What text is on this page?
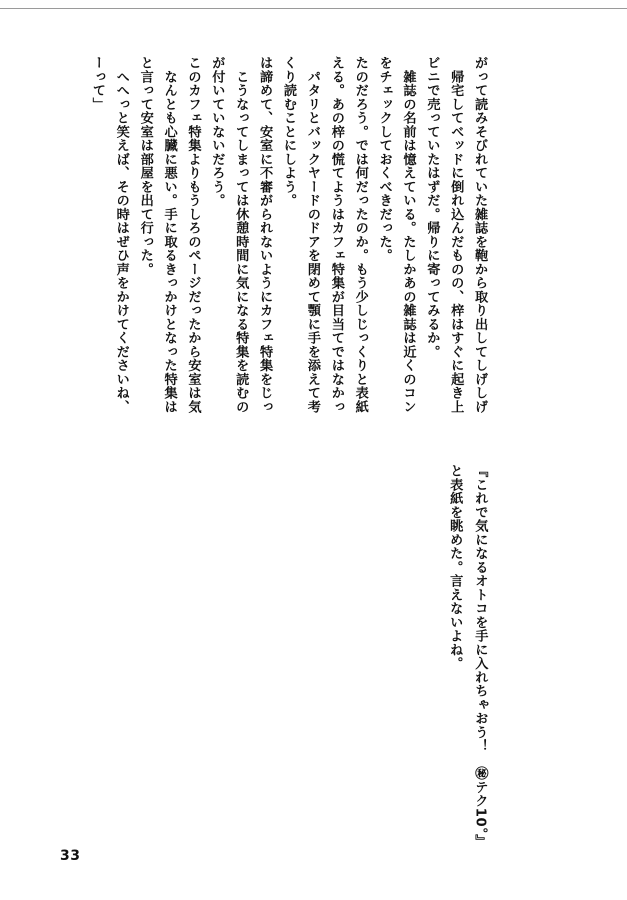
がって読みそびれていた雑誌を鞄から取り出してしげしげ
　帰宅してベッドに倒れ込んだものの、梓はすぐに起き上
ビニで売っていたはずだ。帰りに寄ってみるか。
　雑誌の名前は憶えている。たしかあの雑誌は近くのコン
をチェックしておくべきだった。
たのだろう。では何だったのか。もう少しじっくりと表紙
える。あの梓の慌てようはカフェ特集が目当てではなかっ
　パタリとバックヤードのドアを閉めて顎に手を添えて考
くり読むことにしよう。
は諦めて、安室に不審がられないようにカフェ特集をじっ
　こうなってしまっては休憩時間に気になる特集を読むの
が付いていないだろう。
このカフェ特集よりもうしろのページだったから安室は気
　なんとも心臓に悪い。手に取るきっかけとなった特集は
と言って安室は部屋を出て行った。
　へへっと笑えば、その時はぜひ声をかけてくださいね、
ーって」
『これで気になるオトコを手に入れちゃおう！　㊙テク10。』
と表紙を眺めた。言えないよね。
33
